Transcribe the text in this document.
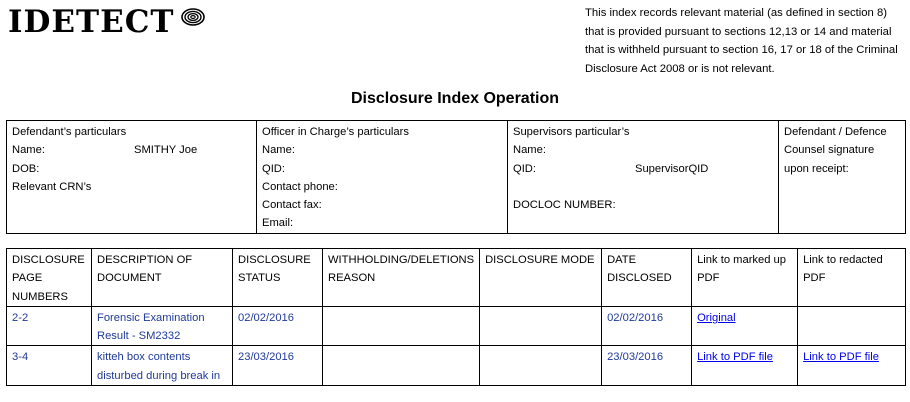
IDETECT	This index records relevant material (as defined in section 8) that is provided pursuant to sections 12,13 or 14 and material that is withheld pursuant to section 16, 17 or 18 of the Criminal Disclosure Act 2008 or is not relevant.
Disclosure Index Operation
Defendant’s particulars
Name:	SMITHY Joe
DOB:
Relevant CRN’s

Officer in Charge’s particulars
Name:
QID:
Contact phone:
Contact fax:
Email:

Supervisors particular’s
Name:
QID:	SupervisorQID
DOCLOC NUMBER:

Defendant / Defence
Counsel signature
upon receipt:
DISCLOSURE PAGE NUMBERS	DESCRIPTION OF DOCUMENT	DISCLOSURE STATUS	WITHHOLDING/DELETIONS REASON	DISCLOSURE MODE	DATE DISCLOSED	Link to marked up PDF	Link to redacted PDF
2-2	Forensic Examination Result - SM2332	02/02/2016			02/02/2016	Original	
3-4	kitteh box contents disturbed during break in	23/03/2016			23/03/2016	Link to PDF file	Link to PDF file
